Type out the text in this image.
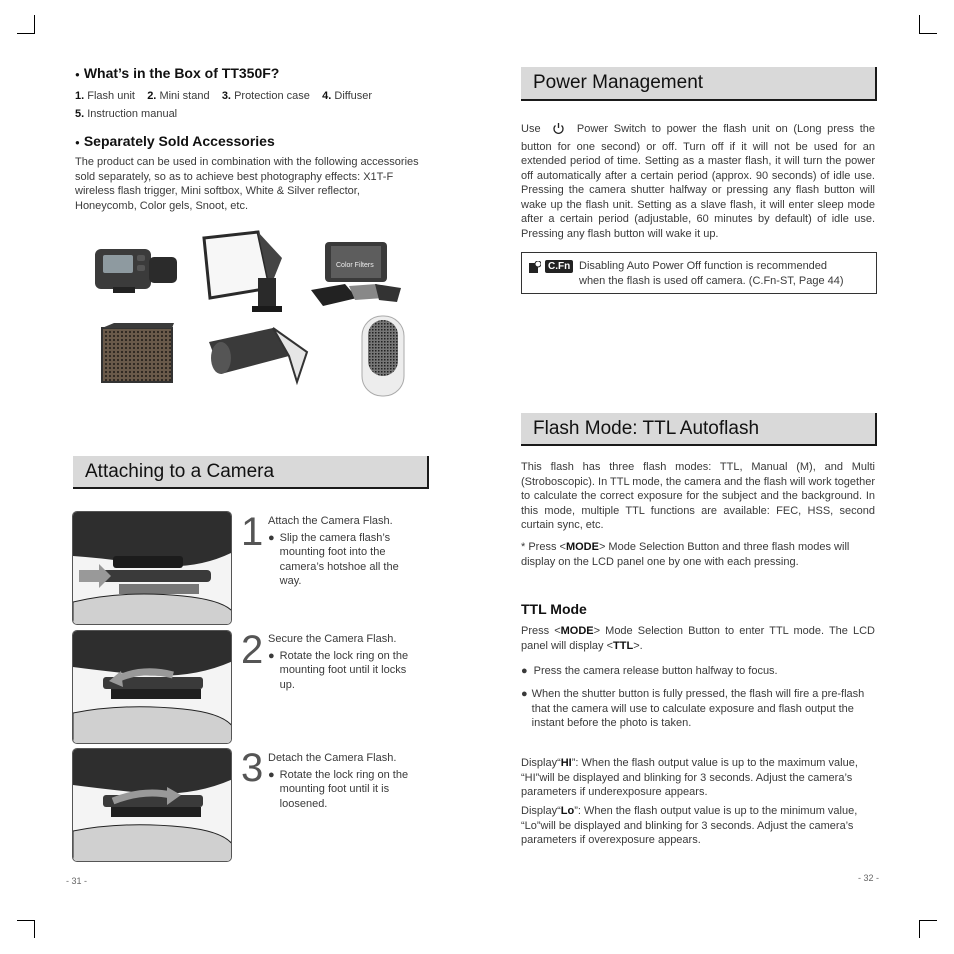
● What’s in the Box of TT350F?
1. Flash unit 2. Mini stand 3. Protection case 4. Diffuser
5. Instruction manual
● Separately Sold Accessories
The product can be used in combination with the following accessories sold separately, so as to achieve best photography effects: X1T-F wireless flash trigger, Mini softbox, White & Silver reflector, Honeycomb, Color gels, Snoot, etc.
Color Filters
Attaching to a Camera
1 Attach the Camera Flash.
● Slip the camera flash’s mounting foot into the camera’s hotshoe all the way.
2 Secure the Camera Flash.
● Rotate the lock ring on the mounting foot until it locks up.
3 Detach the Camera Flash.
● Rotate the lock ring on the mounting foot until it is loosened.
- 31 -
Power Management
Use	Power Switch to power the flash unit on (Long press the button for one second) or off. Turn off if it will not be used for an extended period of time. Setting as a master flash, it will turn the power off automatically after a certain period (approx. 90 seconds) of idle use. Pressing the camera shutter halfway or pressing any flash button will wake up the flash unit. Setting as a slave flash, it will enter sleep mode after a certain period (adjustable, 60 minutes by default) of idle use. Pressing any flash button will wake it up.
C.Fn Disabling Auto Power Off function is recommended
when the flash is used off camera. (C.Fn-ST, Page 44)
Flash Mode: TTL Autoflash
This flash has three flash modes: TTL, Manual (M), and Multi (Stroboscopic). In TTL mode, the camera and the flash will work together to calculate the correct exposure for the subject and the background. In this mode, multiple TTL functions are available: FEC, HSS, second curtain sync, etc.
* Press <MODE> Mode Selection Button and three flash modes will display on the LCD panel one by one with each pressing.
TTL Mode
Press <MODE> Mode Selection Button to enter TTL mode. The LCD panel will display <TTL>.
● Press the camera release button halfway to focus.
● When the shutter button is fully pressed, the flash will fire a pre-flash that the camera will use to calculate exposure and flash output the instant before the photo is taken.
Display“HI”: When the flash output value is up to the maximum value, “HI”will be displayed and blinking for 3 seconds. Adjust the camera’s parameters if underexposure appears.
Display“Lo”: When the flash output value is up to the minimum value, “Lo”will be displayed and blinking for 3 seconds. Adjust the camera’s parameters if overexposure appears.
- 32 -
